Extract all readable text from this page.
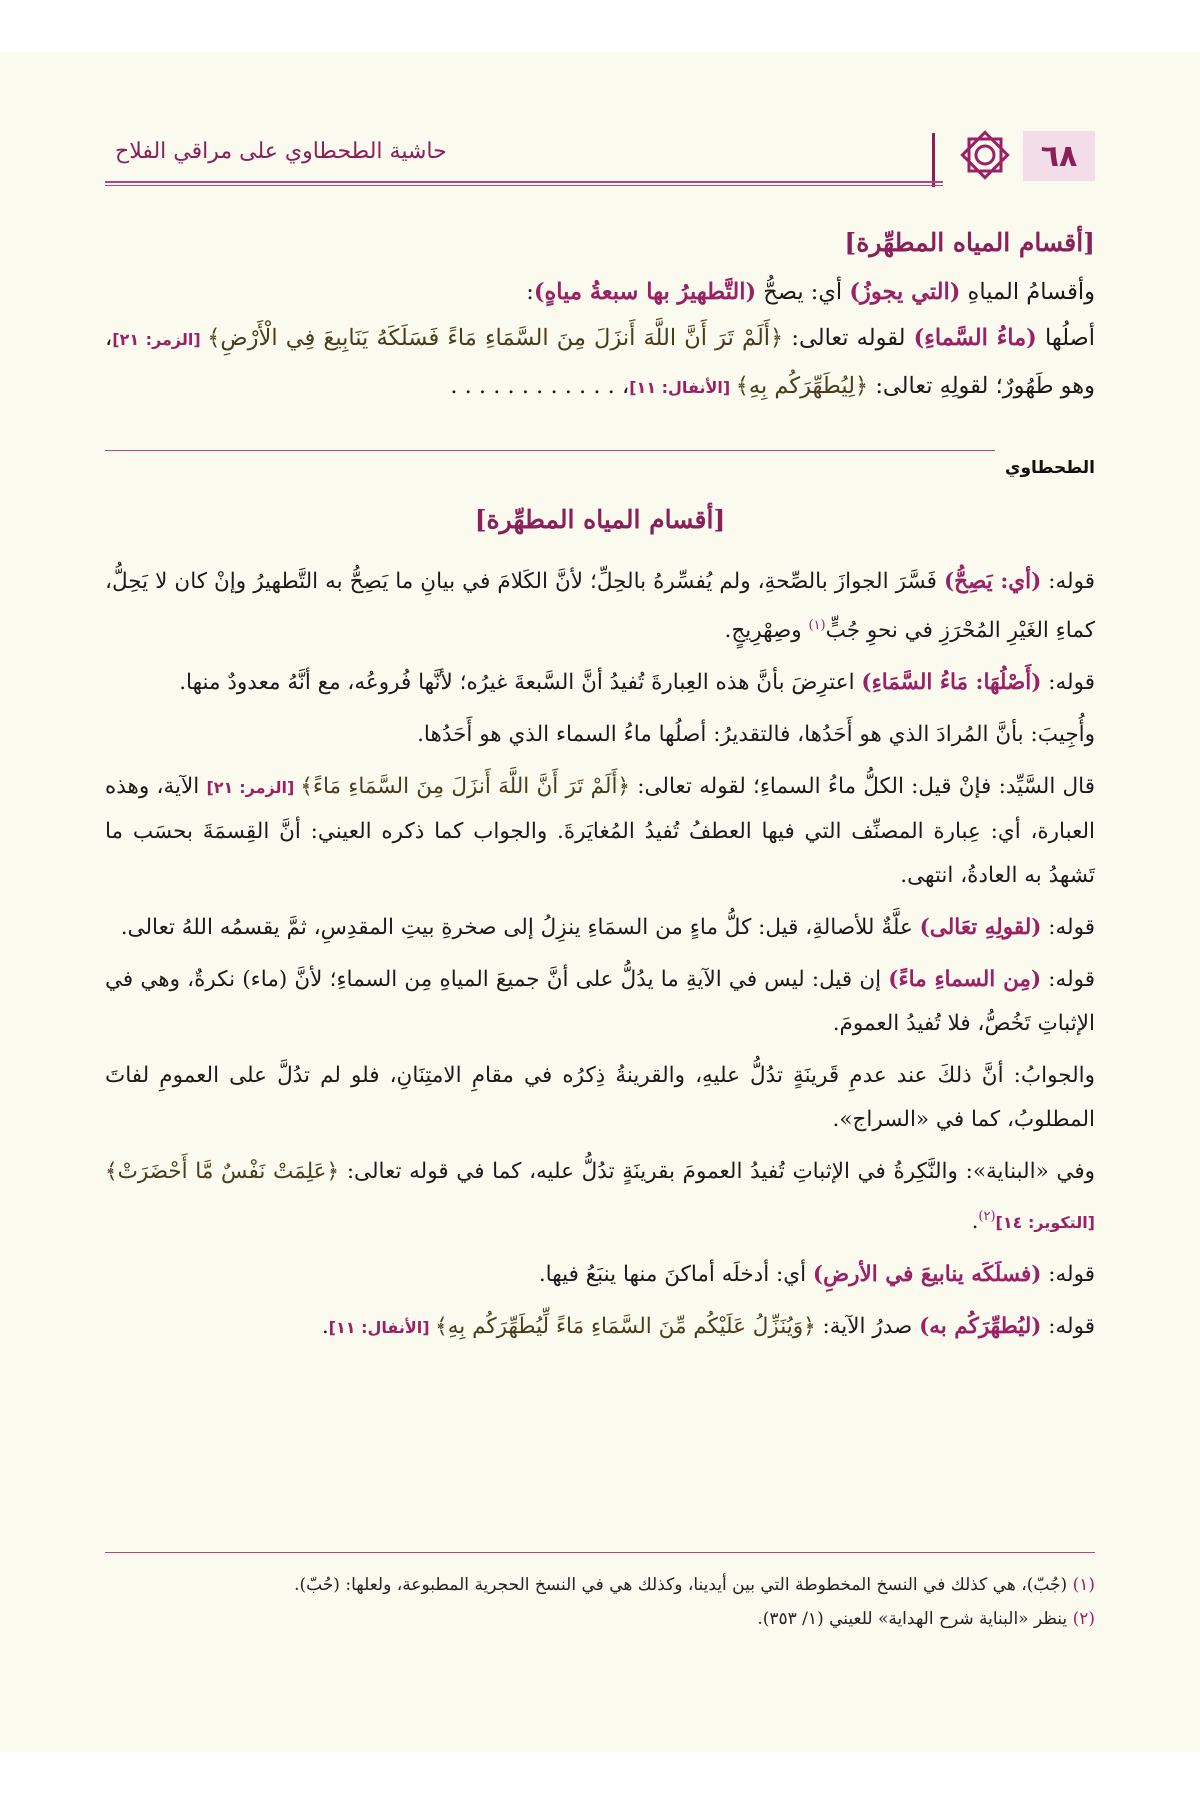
٦٨
حاشية الطحطاوي على مراقي الفلاح
[أقسام المياه المطهِّرة]

وأقسامُ المياهِ (التي يجوزُ) أي: يصحُّ (التَّطهيرُ بها سبعةُ مياهٍ):

أصلُها (ماءُ السَّماءِ) لقوله تعالى: ﴿أَلَمْ تَرَ أَنَّ اللَّهَ أَنزَلَ مِنَ السَّمَاءِ مَاءً فَسَلَكَهُ يَنَابِيعَ فِي الْأَرْضِ﴾ [الزمر: ٢١]، وهو طَهُورٌ؛ لقولِهِ تعالى: ﴿لِيُطَهِّرَكُم بِهِ﴾ [الأنفال: ١١]، . . . . . . . . . . . .

الطحطاوي
[أقسام المياه المطهِّرة]

قوله: (أي: يَصِحُّ) فَسَّرَ الجوازَ بالصِّحةِ، ولم يُفسِّرهُ بالحِلِّ؛ لأنَّ الكَلامَ في بيانِ ما يَصِحُّ به التَّطهيرُ وإنْ كان لا يَحِلُّ، كماءِ الغَيْرِ المُحْرَزِ في نحوِ جُبٍّ$^{(١)}$ وصِهْرِيجٍ.

قوله: (أَصْلُهَا: مَاءُ السَّمَاءِ) اعترِضَ بأنَّ هذه العِبارةَ تُفيدُ أنَّ السَّبعةَ غيرُه؛ لأنَّها فُروعُه، مع أنَّهُ معدودٌ منها.

وأُجِيبَ: بأنَّ المُرادَ الذي هو أَحَدُها، فالتقديرُ: أصلُها ماءُ السماء الذي هو أَحَدُها.

قال السَّيِّد: فإنْ قيل: الكلُّ ماءُ السماءِ؛ لقوله تعالى: ﴿أَلَمْ تَرَ أَنَّ اللَّهَ أَنزَلَ مِنَ السَّمَاءِ مَاءً﴾ [الزمر: ٢١] الآية، وهذه العبارة، أي: عِبارة المصنِّف التي فيها العطفُ تُفيدُ المُغايَرةَ. والجواب كما ذكره العيني: أنَّ القِسمَةَ بحسَب ما تَشهدُ به العادةُ، انتهى.

قوله: (لقولِهِ تعَالى) علَّةٌ للأصالةِ، قيل: كلُّ ماءٍ من السمَاءِ ينزِلُ إلى صخرةِ بيتِ المقدِسِ، ثمَّ يقسمُه اللهُ تعالى.

قوله: (مِن السماءِ ماءً) إن قيل: ليس في الآيةِ ما يدُلُّ على أنَّ جميعَ المياهِ مِن السماءِ؛ لأنَّ (ماء) نكرةٌ، وهي في الإثباتِ تَخُصُّ، فلا تُفيدُ العمومَ.

والجوابُ: أنَّ ذلكَ عند عدمِ قَرينَةٍ تدُلُّ عليهِ، والقرينةُ ذِكرُه في مقامِ الامتِنَانِ، فلو لم تدُلَّ على العمومِ لفاتَ المطلوبُ، كما في «السراج».

وفي «البناية»: والنَّكِرةُ في الإثباتِ تُفيدُ العمومَ بقرينَةٍ تدُلُّ عليه، كما في قوله تعالى: ﴿عَلِمَتْ نَفْسٌ مَّا أَحْضَرَتْ﴾ [التكوير: ١٤]$^{(٢)}$.

قوله: (فسلَكَه ينابيعَ في الأرضِ) أي: أدخلَه أماكنَ منها ينبَعُ فيها.

قوله: (ليُطهِّرَكُم به) صدرُ الآية: ﴿وَيُنَزِّلُ عَلَيْكُم مِّنَ السَّمَاءِ مَاءً لِّيُطَهِّرَكُم بِهِ﴾ [الأنفال: ١١].

(١) (جُبّ)، هي كذلك في النسخ المخطوطة التي بين أيدينا، وكذلك هي في النسخ الحجرية المطبوعة، ولعلها: (حُبّ).

(٢) ينظر «البناية شرح الهداية» للعيني (١/ ٣٥٣).
